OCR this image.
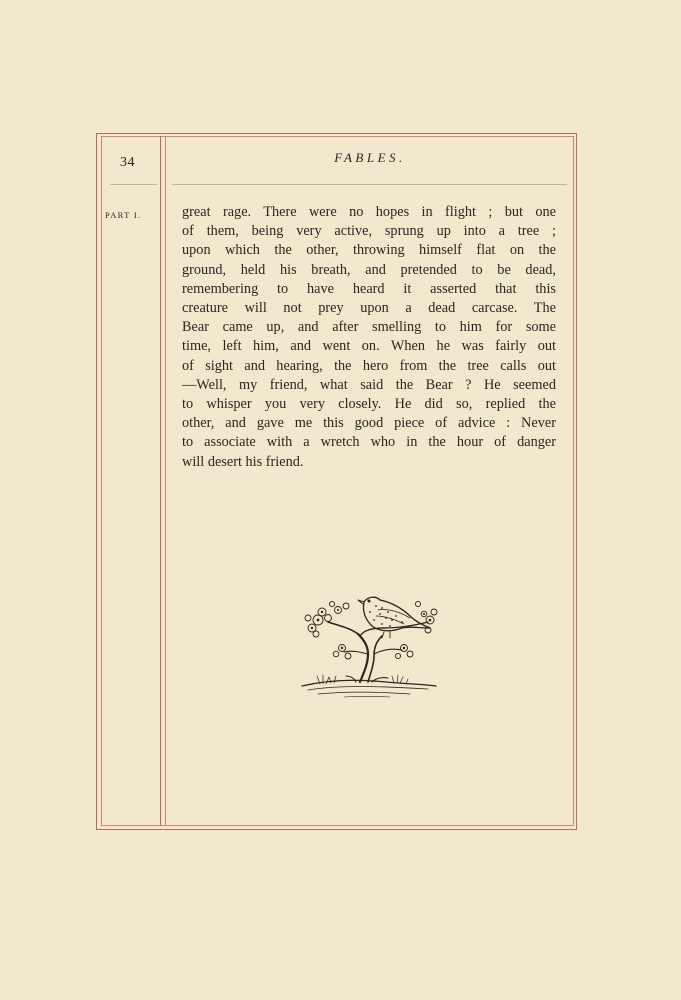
34	FABLES.
PART I.	great rage. There were no hopes in flight ; but one
of them, being very active, sprung up into a tree ;
upon which the other, throwing himself flat on the
ground, held his breath, and pretended to be dead,
remembering to have heard it asserted that this
creature will not prey upon a dead carcase. The
Bear came up, and after smelling to him for some
time, left him, and went on. When he was fairly out
of sight and hearing, the hero from the tree calls out
—Well, my friend, what said the Bear ? He seemed
to whisper you very closely. He did so, replied the
other, and gave me this good piece of advice : Never
to associate with a wretch who in the hour of danger
will desert his friend.
